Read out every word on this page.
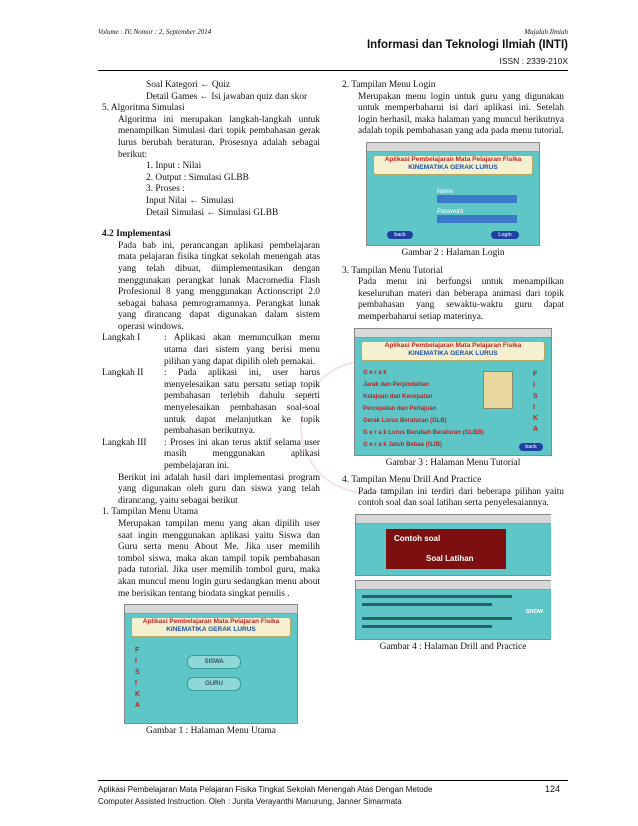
Volume : IV, Nomor : 2, September 2014	Majalah Ilmiah
Informasi dan Teknologi Ilmiah (INTI)
ISSN : 2339-210X

Soal Kategori ← Quiz

Detail Games ← Isi jawaban quiz dan skor

5. Algoritma Simulasi

Algoritma ini merupakan langkah-langkah untuk menampilkan Simulasi dari topik pembahasan gerak lurus berubah beraturan. Prosesnya adalah sebagai berikut:

1. Input : Nilai

2. Output : Simulasi GLBB

3. Proses :

Input Nilai ← Simulasi

Detail Simulasi ← Simulasi GLBB

4.2 Implementasi

Pada bab ini, perancangan aplikasi pembelajaran mata pelajaran fisika tingkat sekolah menengah atas yang telah dibuat, diimplementasikan dengan menggunakan perangkat lunak Macromedia Flash Profesional 8 yang menggunakan Actionscript 2.0 sebagai bahasa pemrogramannya. Perangkat lunak yang dirancang dapat digunakan dalam sistem operasi windows.

Langkah I	: Aplikasi akan memunculkan menu utama dari sistem yang berisi menu pilihan yang dapat dipilih oleh pemakai.

Langkah II	: Pada aplikasi ini, user harus menyelesaikan satu persatu setiap topik pembahasan terlebih dahulu seperti menyelesaikan pembahasan soal-soal untuk dapat melanjutkan ke topik pembahasan berikutnya.

Langkah III	: Proses ini akan terus aktif selama user masih menggunakan aplikasi pembelajaran ini.

Berikut ini adalah hasil dari implementasi program yang digunakan oleh guru dan siswa yang telah dirancang, yaitu sebagai berikut

1. Tampilan Menu Utama

Merupakan tampilan menu yang akan dipilih user saat ingin menggunakan aplikasi yaitu Siswa dan Guru serta menu About Me. Jika user memilih tombol siswa, maka akan tampil topik pembahasan pada tutorial. Jika user memilih tombol guru, maka akan muncul menu login guru sedangkan menu about me berisikan tentang biodata singkat penulis .

Aplikasi Pembelajaran Mata Pelajaran Fisika
KINEMATIKA GERAK LURUS
F
I
S
I
K
A
SISWA
GURU

Gambar 1 : Halaman Menu Utama

2. Tampilan Menu Login

Merupakan menu login untuk guru yang digunakan untuk memperbaharui isi dari aplikasi ini. Setelah login berhasil, maka halaman yang muncul berikutnya adalah topik pembahasan yang ada pada menu tutorial.

Aplikasi Pembelajaran Mata Pelajaran Fisika
KINEMATIKA GERAK LURUS
Name
Password
back	Login

Gambar 2 : Halaman Login

3. Tampilan Menu Tutorial

Pada menu ini berfungsi untuk menampilkan keseluruhan materi dan beberapa animasi dari topik pembahasan yang sewaktu-waktu guru dapat memperbaharui setiap materinya.

Aplikasi Pembelajaran Mata Pelajaran Fisika
KINEMATIKA GERAK LURUS
G e r a k
Jarak dan Perpindahan
Kelajuan dan Kecepatan
Percepatan dan Perlajuan
Gerak Lurus Beraturan (GLB)
G e r a k Lurus Berubah Beraturan (GLBB)
G e r a k Jatuh Bebas (GJB)
F
I
S
I
K
A
back

Gambar 3 : Halaman Menu Tutorial

4. Tampilan Menu Drill And Practice

Pada tampilan ini terdiri dari beberapa pilihan yaitu contoh soal dan soal latihan serta penyelesaiannya.

Contoh soal
Soal Latihan
SHOW

Gambar 4 : Halaman Drill and Practice

Aplikasi Pembelajaran Mata Pelajaran Fisika Tingkat Sekolah Menengah Atas Dengan Metode
Computer Assisted Instruction. Oleh : Junita Verayanthi Manurung, Janner Simarmata
124
